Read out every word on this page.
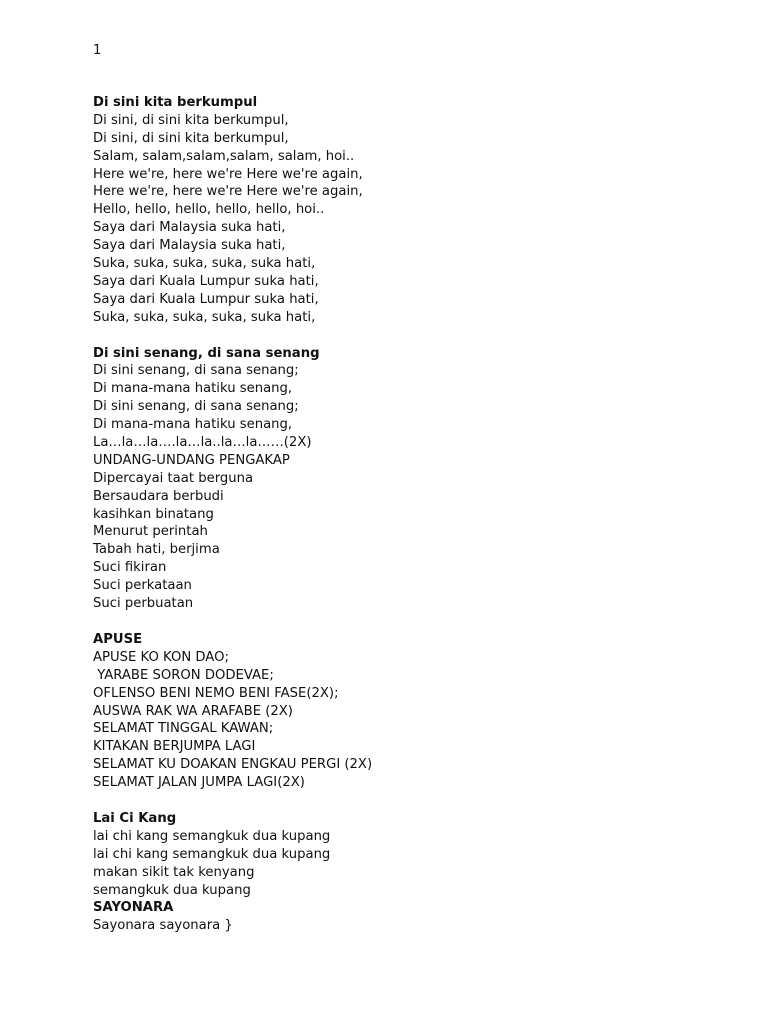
1
Di sini kita berkumpul
Di sini, di sini kita berkumpul,
Di sini, di sini kita berkumpul,
Salam, salam,salam,salam, salam, hoi..
Here we're, here we're Here we're again,
Here we're, here we're Here we're again,
Hello, hello, hello, hello, hello, hoi..
Saya dari Malaysia suka hati,
Saya dari Malaysia suka hati,
Suka, suka, suka, suka, suka hati,
Saya dari Kuala Lumpur suka hati,
Saya dari Kuala Lumpur suka hati,
Suka, suka, suka, suka, suka hati,
Di sini senang, di sana senang
Di sini senang, di sana senang;
Di mana-mana hatiku senang,
Di sini senang, di sana senang;
Di mana-mana hatiku senang,
La…la…la….la…la..la…la……(2X)
UNDANG-UNDANG PENGAKAP
Dipercayai taat berguna
Bersaudara berbudi
kasihkan binatang
Menurut perintah
Tabah hati, berjima
Suci fikiran
Suci perkataan
Suci perbuatan
APUSE
APUSE KO KON DAO;
YARABE SORON DODEVAE;
OFLENSO BENI NEMO BENI FASE(2X);
AUSWA RAK WA ARAFABE (2X)
SELAMAT TINGGAL KAWAN;
KITAKAN BERJUMPA LAGI
SELAMAT KU DOAKAN ENGKAU PERGI (2X)
SELAMAT JALAN JUMPA LAGI(2X)
Lai Ci Kang
lai chi kang semangkuk dua kupang
lai chi kang semangkuk dua kupang
makan sikit tak kenyang
semangkuk dua kupang
SAYONARA
Sayonara sayonara }
